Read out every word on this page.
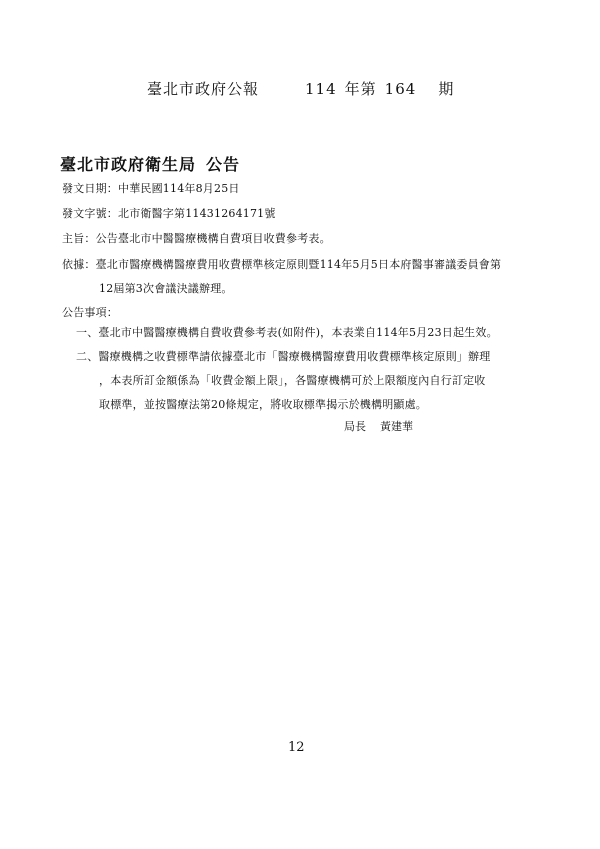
臺北市政府公報	114 年第 164 期
臺北市政府衛生局 公告
發文日期：中華民國114年8月25日
發文字號：北市衛醫字第11431264171號
主旨：公告臺北市中醫醫療機構自費項目收費參考表。
依據：臺北市醫療機構醫療費用收費標準核定原則暨114年5月5日本府醫事審議委員會第
12屆第3次會議決議辦理。
公告事項：
一、臺北市中醫醫療機構自費收費參考表(如附件)，本表業自114年5月23日起生效。
二、醫療機構之收費標準請依據臺北市「醫療機構醫療費用收費標準核定原則」辦理
，本表所訂金額係為「收費金額上限」，各醫療機構可於上限額度內自行訂定收
取標準，並按醫療法第20條規定，將收取標準揭示於機構明顯處。
局長 黃建華
12
